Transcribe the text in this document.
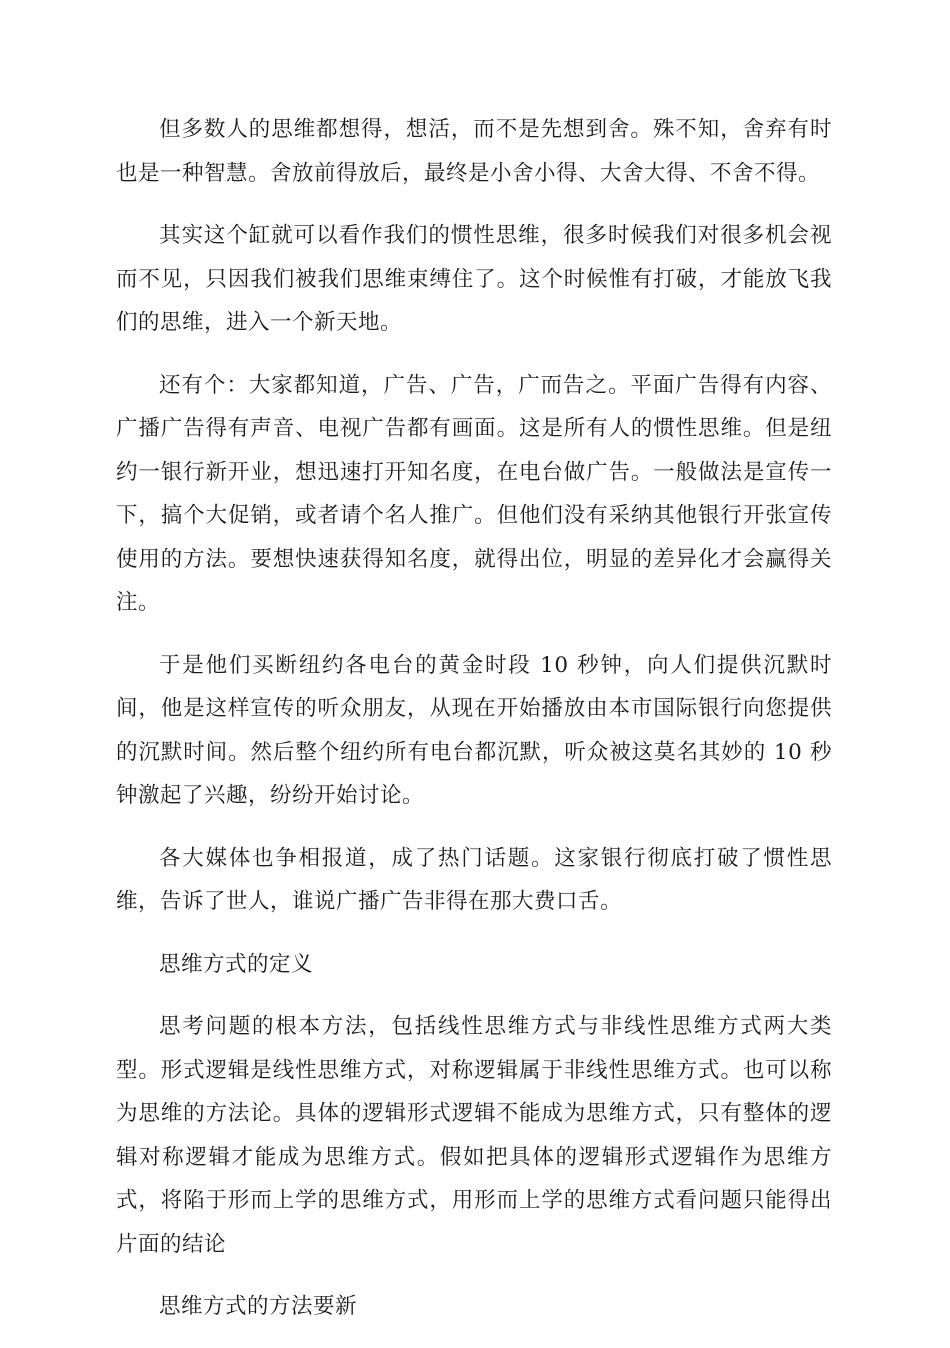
但多数人的思维都想得，想活，而不是先想到舍。殊不知，舍弃有时也是一种智慧。舍放前得放后，最终是小舍小得、大舍大得、不舍不得。

其实这个缸就可以看作我们的惯性思维，很多时候我们对很多机会视而不见，只因我们被我们思维束缚住了。这个时候惟有打破，才能放飞我们的思维，进入一个新天地。

还有个：大家都知道，广告、广告，广而告之。平面广告得有内容、广播广告得有声音、电视广告都有画面。这是所有人的惯性思维。但是纽约一银行新开业，想迅速打开知名度，在电台做广告。一般做法是宣传一下，搞个大促销，或者请个名人推广。但他们没有采纳其他银行开张宣传使用的方法。要想快速获得知名度，就得出位，明显的差异化才会赢得关注。

于是他们买断纽约各电台的黄金时段 10 秒钟，向人们提供沉默时间，他是这样宣传的听众朋友，从现在开始播放由本市国际银行向您提供的沉默时间。然后整个纽约所有电台都沉默，听众被这莫名其妙的 10 秒钟激起了兴趣，纷纷开始讨论。

各大媒体也争相报道，成了热门话题。这家银行彻底打破了惯性思维，告诉了世人，谁说广播广告非得在那大费口舌。

思维方式的定义

思考问题的根本方法，包括线性思维方式与非线性思维方式两大类型。形式逻辑是线性思维方式，对称逻辑属于非线性思维方式。也可以称为思维的方法论。具体的逻辑形式逻辑不能成为思维方式，只有整体的逻辑对称逻辑才能成为思维方式。假如把具体的逻辑形式逻辑作为思维方式，将陷于形而上学的思维方式，用形而上学的思维方式看问题只能得出片面的结论

思维方式的方法要新
